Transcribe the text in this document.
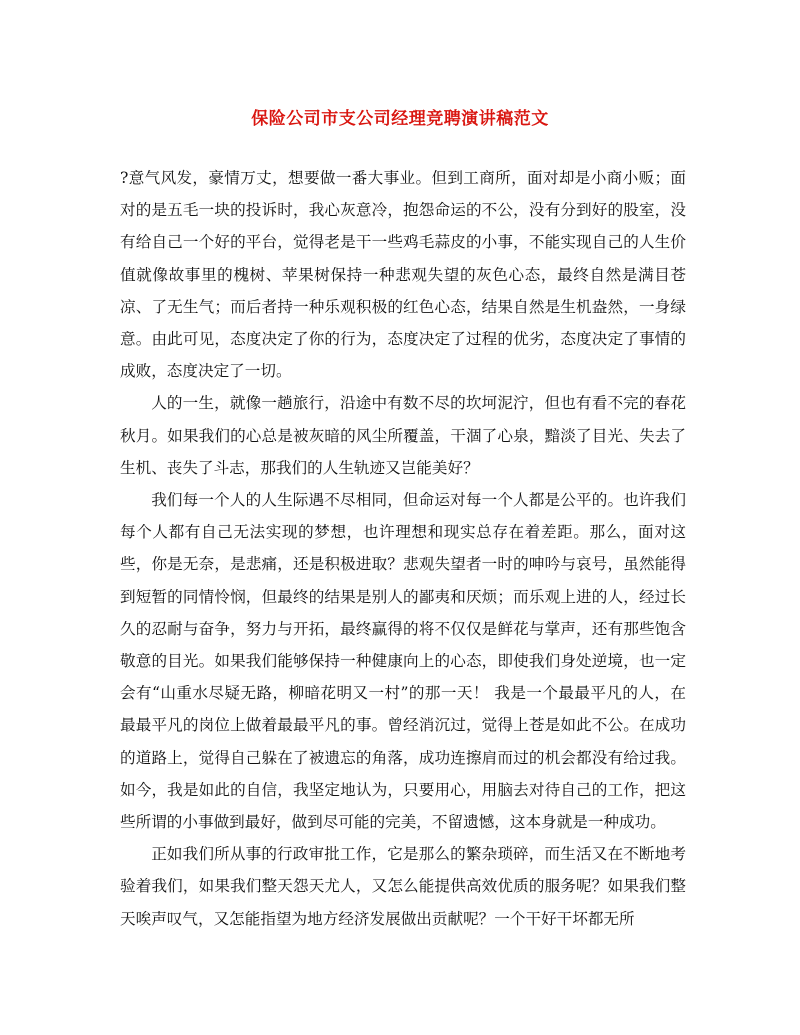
保险公司市支公司经理竞聘演讲稿范文

?意气风发，豪情万丈，想要做一番大事业。但到工商所，面对却是小商小贩；面对的是五毛一块的投诉时，我心灰意冷，抱怨命运的不公，没有分到好的股室，没有给自己一个好的平台，觉得老是干一些鸡毛蒜皮的小事，不能实现自己的人生价值就像故事里的槐树、苹果树保持一种悲观失望的灰色心态，最终自然是满目苍凉、了无生气；而后者持一种乐观积极的红色心态，结果自然是生机盎然，一身绿意。由此可见，态度决定了你的行为，态度决定了过程的优劣，态度决定了事情的成败，态度决定了一切。

人的一生，就像一趟旅行，沿途中有数不尽的坎坷泥泞，但也有看不完的春花秋月。如果我们的心总是被灰暗的风尘所覆盖，干涸了心泉，黯淡了目光、失去了生机、丧失了斗志，那我们的人生轨迹又岂能美好？

我们每一个人的人生际遇不尽相同，但命运对每一个人都是公平的。也许我们每个人都有自己无法实现的梦想，也许理想和现实总存在着差距。那么，面对这些，你是无奈，是悲痛，还是积极进取？悲观失望者一时的呻吟与哀号，虽然能得到短暂的同情怜悯，但最终的结果是别人的鄙夷和厌烦；而乐观上进的人，经过长久的忍耐与奋争，努力与开拓，最终赢得的将不仅仅是鲜花与掌声，还有那些饱含敬意的目光。如果我们能够保持一种健康向上的心态，即使我们身处逆境，也一定会有“山重水尽疑无路，柳暗花明又一村”的那一天！ 我是一个最最平凡的人，在最最平凡的岗位上做着最最平凡的事。曾经消沉过，觉得上苍是如此不公。在成功的道路上，觉得自己躲在了被遗忘的角落，成功连擦肩而过的机会都没有给过我。如今，我是如此的自信，我坚定地认为，只要用心，用脑去对待自己的工作，把这些所谓的小事做到最好，做到尽可能的完美，不留遗憾，这本身就是一种成功。

正如我们所从事的行政审批工作，它是那么的繁杂琐碎，而生活又在不断地考验着我们，如果我们整天怨天尤人，又怎么能提供高效优质的服务呢？如果我们整天唉声叹气，又怎能指望为地方经济发展做出贡献呢？一个干好干坏都无所
